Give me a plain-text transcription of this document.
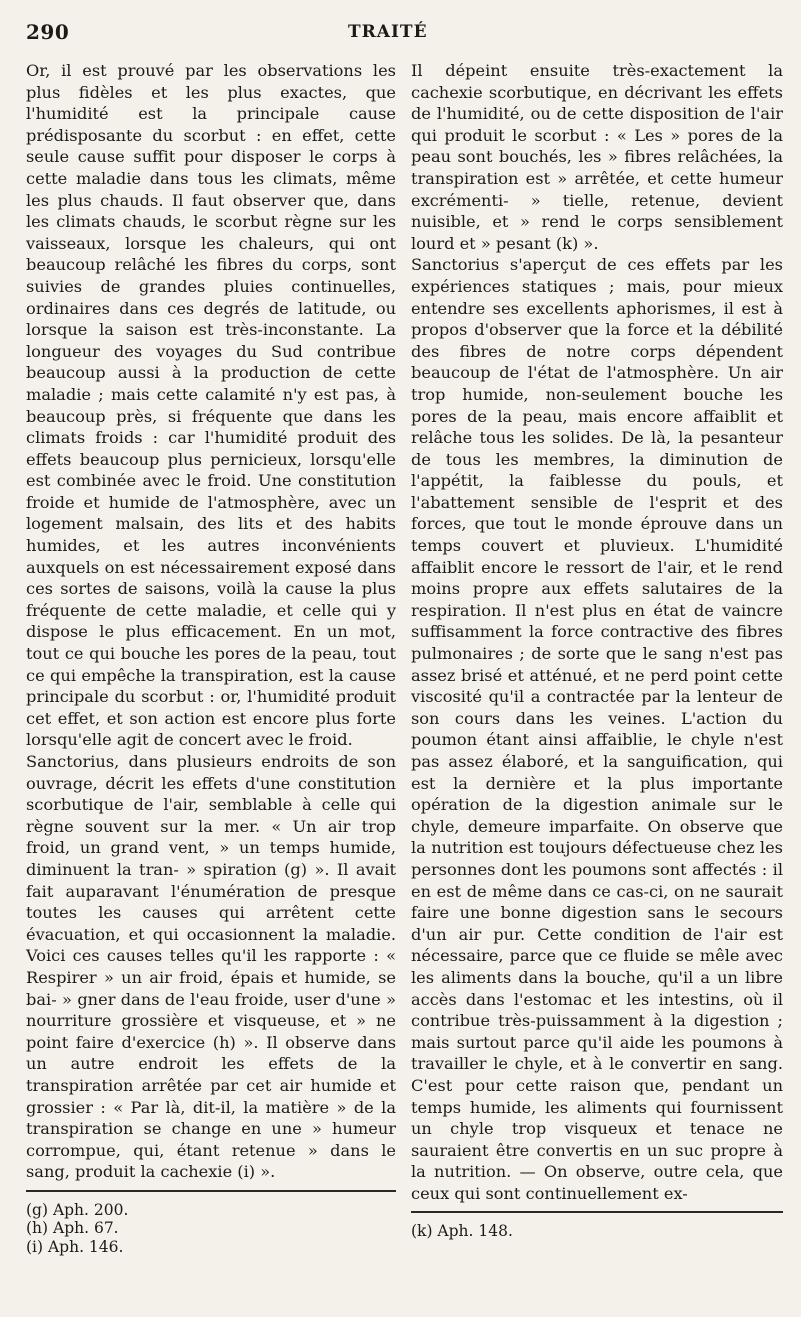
290	TRAITÉ

Or, il est prouvé par les observations les plus fidèles et les plus exactes, que l'humidité est la principale cause prédisposante du scorbut : en effet, cette seule cause suffit pour disposer le corps à cette maladie dans tous les climats, même les plus chauds. Il faut observer que, dans les climats chauds, le scorbut règne sur les vaisseaux, lorsque les chaleurs, qui ont beaucoup relâché les fibres du corps, sont suivies de grandes pluies continuelles, ordinaires dans ces degrés de latitude, ou lorsque la saison est très-inconstante. La longueur des voyages du Sud contribue beaucoup aussi à la production de cette maladie ; mais cette calamité n'y est pas, à beaucoup près, si fréquente que dans les climats froids : car l'humidité produit des effets beaucoup plus pernicieux, lorsqu'elle est combinée avec le froid. Une constitution froide et humide de l'atmosphère, avec un logement malsain, des lits et des habits humides, et les autres inconvénients auxquels on est nécessairement exposé dans ces sortes de saisons, voilà la cause la plus fréquente de cette maladie, et celle qui y dispose le plus efficacement. En un mot, tout ce qui bouche les pores de la peau, tout ce qui empêche la transpiration, est la cause principale du scorbut : or, l'humidité produit cet effet, et son action est encore plus forte lorsqu'elle agit de concert avec le froid.

Sanctorius, dans plusieurs endroits de son ouvrage, décrit les effets d'une constitution scorbutique de l'air, semblable à celle qui règne souvent sur la mer. « Un air trop froid, un grand vent, » un temps humide, diminuent la tran- » spiration (g) ». Il avait fait auparavant l'énumération de presque toutes les causes qui arrêtent cette évacuation, et qui occasionnent la maladie. Voici ces causes telles qu'il les rapporte : « Respirer » un air froid, épais et humide, se bai- » gner dans de l'eau froide, user d'une » nourriture grossière et visqueuse, et » ne point faire d'exercice (h) ». Il observe dans un autre endroit les effets de la transpiration arrêtée par cet air humide et grossier : « Par là, dit-il, la matière » de la transpiration se change en une » humeur corrompue, qui, étant retenue » dans le sang, produit la cachexie (i) ».

(g) Aph. 200.
(h) Aph. 67.
(i) Aph. 146.

Il dépeint ensuite très-exactement la cachexie scorbutique, en décrivant les effets de l'humidité, ou de cette disposition de l'air qui produit le scorbut : « Les » pores de la peau sont bouchés, les » fibres relâchées, la transpiration est » arrêtée, et cette humeur excrémenti- » tielle, retenue, devient nuisible, et » rend le corps sensiblement lourd et » pesant (k) ».

Sanctorius s'aperçut de ces effets par les expériences statiques ; mais, pour mieux entendre ses excellents aphorismes, il est à propos d'observer que la force et la débilité des fibres de notre corps dépendent beaucoup de l'état de l'atmosphère. Un air trop humide, non-seulement bouche les pores de la peau, mais encore affaiblit et relâche tous les solides. De là, la pesanteur de tous les membres, la diminution de l'appétit, la faiblesse du pouls, et l'abattement sensible de l'esprit et des forces, que tout le monde éprouve dans un temps couvert et pluvieux. L'humidité affaiblit encore le ressort de l'air, et le rend moins propre aux effets salutaires de la respiration. Il n'est plus en état de vaincre suffisamment la force contractive des fibres pulmonaires ; de sorte que le sang n'est pas assez brisé et atténué, et ne perd point cette viscosité qu'il a contractée par la lenteur de son cours dans les veines. L'action du poumon étant ainsi affaiblie, le chyle n'est pas assez élaboré, et la sanguification, qui est la dernière et la plus importante opération de la digestion animale sur le chyle, demeure imparfaite. On observe que la nutrition est toujours défectueuse chez les personnes dont les poumons sont affectés : il en est de même dans ce cas-ci, on ne saurait faire une bonne digestion sans le secours d'un air pur. Cette condition de l'air est nécessaire, parce que ce fluide se mêle avec les aliments dans la bouche, qu'il a un libre accès dans l'estomac et les intestins, où il contribue très-puissamment à la digestion ; mais surtout parce qu'il aide les poumons à travailler le chyle, et à le convertir en sang. C'est pour cette raison que, pendant un temps humide, les aliments qui fournissent un chyle trop visqueux et tenace ne sauraient être convertis en un suc propre à la nutrition. — On observe, outre cela, que ceux qui sont continuellement ex-

(k) Aph. 148.
